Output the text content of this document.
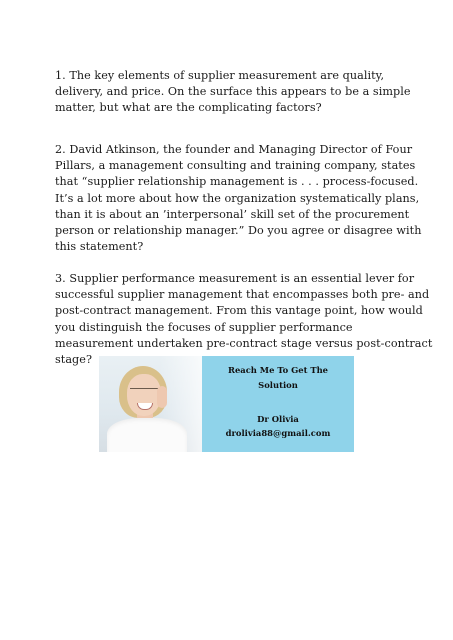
1. The key elements of supplier measurement are quality,
delivery, and price. On the surface this appears to be a simple
matter, but what are the complicating factors?
2. David Atkinson, the founder and Managing Director of Four
Pillars, a management consulting and training company, states
that “supplier relationship management is . . . process-focused.
It’s a lot more about how the organization systematically plans,
than it is about an ’interpersonal’ skill set of the procurement
person or relationship manager.” Do you agree or disagree with
this statement?
3. Supplier performance measurement is an essential lever for
successful supplier management that encompasses both pre- and
post-contract management. From this vantage point, how would
you distinguish the focuses of supplier performance
measurement undertaken pre-contract stage versus post-contract
stage?
Reach Me To Get The
Solution
Dr Olivia
drolivia88@gmail.com
